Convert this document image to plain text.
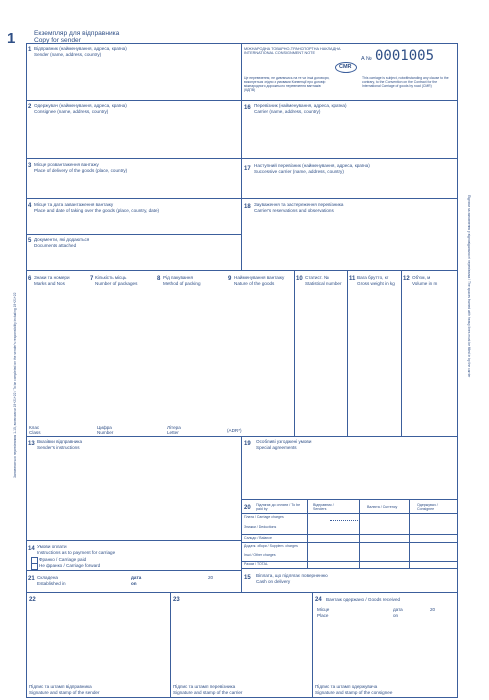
1	Екземпляр для відправника
Copy for sender
Заповнюється перевізником 1-15, включаючи 19+21+22 / To be completed on the sender's responsibility including 19+21+22
Підписи за заповнення у відповідальності перевізника / The spaces framed with heavy lines must be filled in by the carrier
МІЖНАРОДНА ТОВАРНО-ТРАНСПОРТНА НАКЛАДНА
INTERNATIONAL CONSIGNMENT NOTE
CMR
A № 0001005
Це перевезення, не дивлячись на те чи інші договори, виконується згідно з умовами Конвенції про договір міжнародного дорожнього перевезення вантажів (КДПВ)
This carriage is subject, notwithstanding any clause to the contrary, to the Convention on the Contract for the International Carriage of goods by road (CMR)
1 Відправник (найменування, адреса, країна)
Sender (name, address, country)
2 Одержувач (найменування, адреса, країна)
Consignee (name, address, country)
3 Місце розвантаження вантажу
Place of delivery of the goods (place, country)
4 Місце та дата завантаження вантажу
Place and date of taking over the goods (place, country, date)
5 Документи, які додаються
Documents attached
16 Перевізник (найменування, адреса, країна)
Carrier (name, address, country)
17
Наступний перевізник (найменування, адреса, країна)
Successive carrier (name, address, country)
18 Зауваження та застереження перевізника
Carrier's reservations and observations
6 Знаки та номери
Marks and Nos
7 Кількість місць
Number of packages
8 Рід пакування
Method of packing
9 Найменування вантажу
Nature of the goods
10 Статист. №
Statistical number
11 Вага брутто, кг
Gross weight in kg
12 Об'єм, м
Volume in m
Клас
Class
Цифра
Number
Літера
Letter	(ADR*)
13 Вказівки відправника
Sender's instructions
19 Особливі узгоджені умови
Special agreements
20 Підлягає до оплати / To be paid by
Відправник / Senders	Валюта / Currency	Одержувач / Consignee
Плата / Carriage charges
Знижки / Deductions
Сальдо / Balance
Додатк. збори / Supplem. charges
Інші / Other charges
Разом / TOTAL
14 Умови оплати
Instructions as to payment for carriage
Франко / Carriage paid
Не франко / Carriage forward
21 Складена
Established in
дата
on
20	15 Віплата, що підлягає поверненню
Cash on delivery
22
Підпис та штамп відправника
Signature and stamp of the sender
23
Підпис та штамп перевізника
Signature and stamp of the carrier
24 Вантаж одержано / Goods received
Місце
Place
дата
on
20
Підпис та штамп одержувача
Signature and stamp of the consignee
